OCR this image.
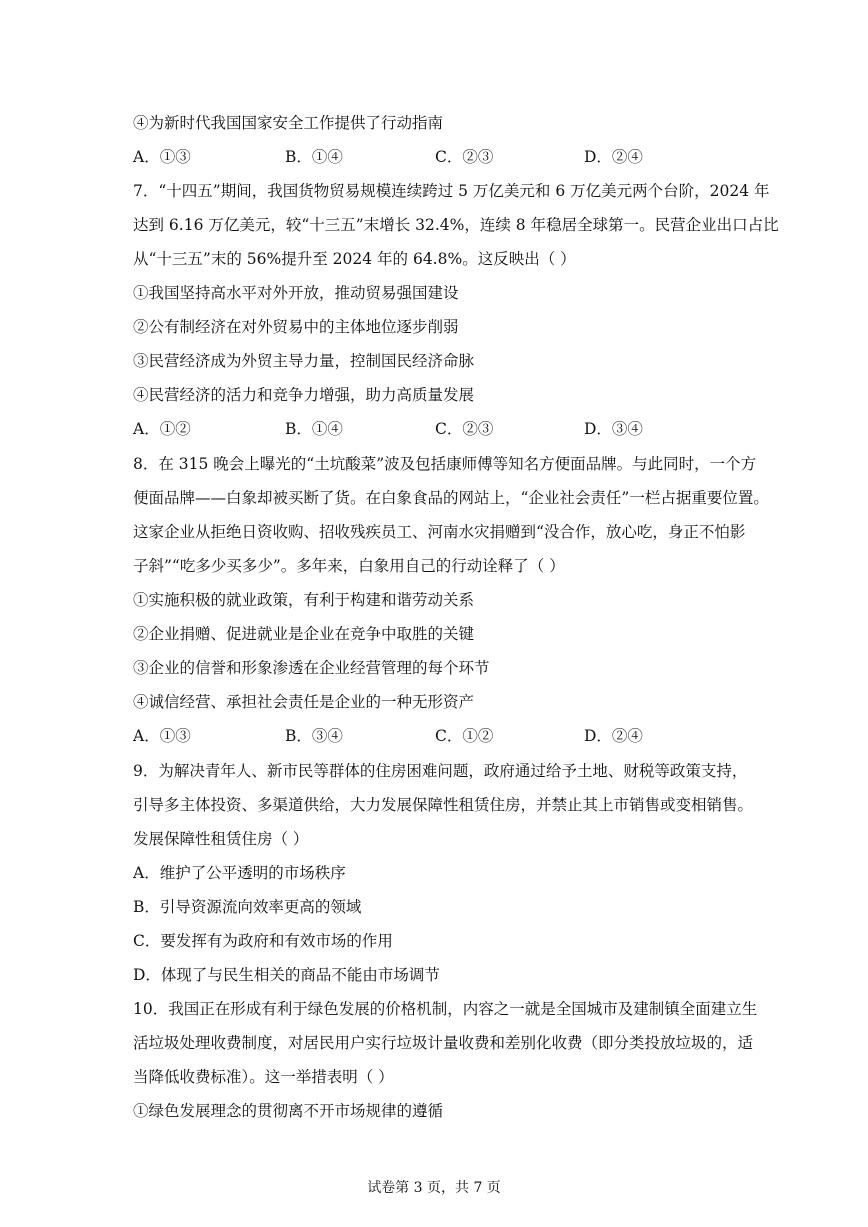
④为新时代我国国家安全工作提供了行动指南
A．①③	B．①④	C．②③	D．②④
7．“十四五”期间，我国货物贸易规模连续跨过 5 万亿美元和 6 万亿美元两个台阶，2024 年
达到 6.16 万亿美元，较“十三五”末增长 32.4%，连续 8 年稳居全球第一。民营企业出口占比
从“十三五”末的 56%提升至 2024 年的 64.8%。这反映出（ ）
①我国坚持高水平对外开放，推动贸易强国建设
②公有制经济在对外贸易中的主体地位逐步削弱
③民营经济成为外贸主导力量，控制国民经济命脉
④民营经济的活力和竞争力增强，助力高质量发展
A．①②	B．①④	C．②③	D．③④
8．在 315 晚会上曝光的“土坑酸菜”波及包括康师傅等知名方便面品牌。与此同时，一个方
便面品牌——白象却被买断了货。在白象食品的网站上，“企业社会责任”一栏占据重要位置。
这家企业从拒绝日资收购、招收残疾员工、河南水灾捐赠到“没合作，放心吃，身正不怕影
子斜”“吃多少买多少”。多年来，白象用自己的行动诠释了（ ）
①实施积极的就业政策，有利于构建和谐劳动关系
②企业捐赠、促进就业是企业在竞争中取胜的关键
③企业的信誉和形象渗透在企业经营管理的每个环节
④诚信经营、承担社会责任是企业的一种无形资产
A．①③	B．③④	C．①②	D．②④
9．为解决青年人、新市民等群体的住房困难问题，政府通过给予土地、财税等政策支持，
引导多主体投资、多渠道供给，大力发展保障性租赁住房，并禁止其上市销售或变相销售。
发展保障性租赁住房（ ）
A．维护了公平透明的市场秩序
B．引导资源流向效率更高的领域
C．要发挥有为政府和有效市场的作用
D．体现了与民生相关的商品不能由市场调节
10．我国正在形成有利于绿色发展的价格机制，内容之一就是全国城市及建制镇全面建立生
活垃圾处理收费制度，对居民用户实行垃圾计量收费和差别化收费（即分类投放垃圾的，适
当降低收费标准）。这一举措表明（ ）
①绿色发展理念的贯彻离不开市场规律的遵循
试卷第 3 页，共 7 页
